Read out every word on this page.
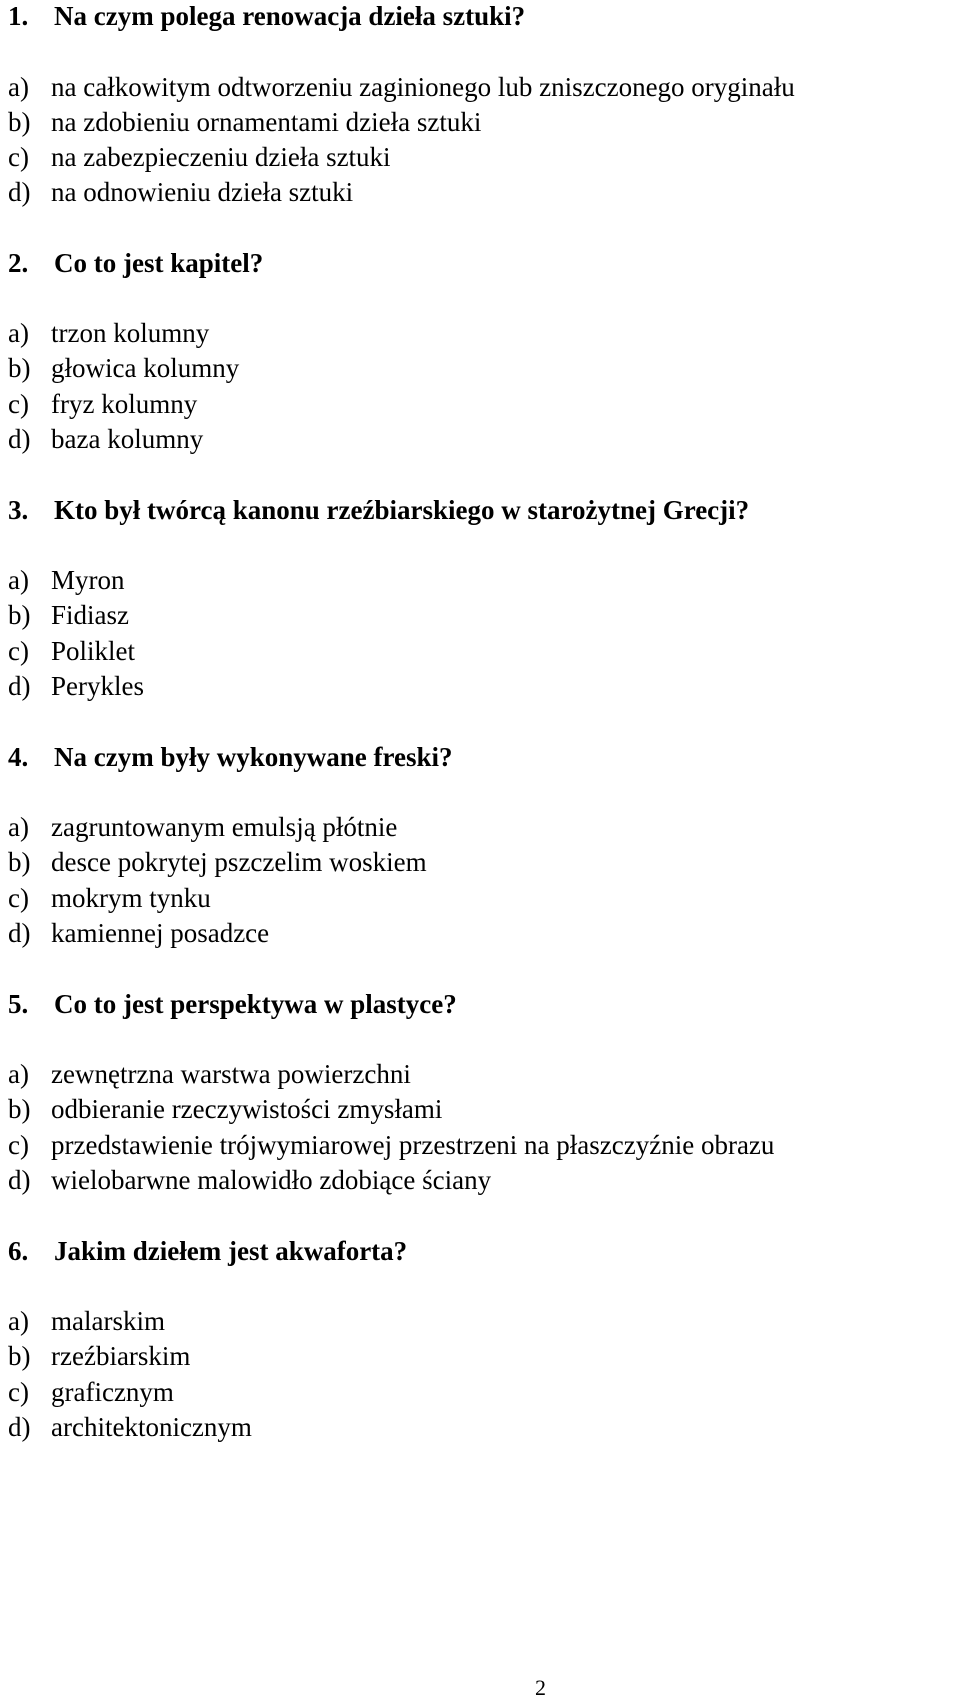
1. Na czym polega renowacja dzieła sztuki?
a) na całkowitym odtworzeniu zaginionego lub zniszczonego oryginału
b) na zdobieniu ornamentami dzieła sztuki
c) na zabezpieczeniu dzieła sztuki
d) na odnowieniu dzieła sztuki
2. Co to jest kapitel?
a) trzon kolumny
b) głowica kolumny
c) fryz kolumny
d) baza kolumny
3. Kto był twórcą kanonu rzeźbiarskiego w starożytnej Grecji?
a) Myron
b) Fidiasz
c) Poliklet
d) Perykles
4. Na czym były wykonywane freski?
a) zagruntowanym emulsją płótnie
b) desce pokrytej pszczelim woskiem
c) mokrym tynku
d) kamiennej posadzce
5. Co to jest perspektywa w plastyce?
a) zewnętrzna warstwa powierzchni
b) odbieranie rzeczywistości zmysłami
c) przedstawienie trójwymiarowej przestrzeni na płaszczyźnie obrazu
d) wielobarwne malowidło zdobiące ściany
6. Jakim dziełem jest akwaforta?
a) malarskim
b) rzeźbiarskim
c) graficznym
d) architektonicznym
2
